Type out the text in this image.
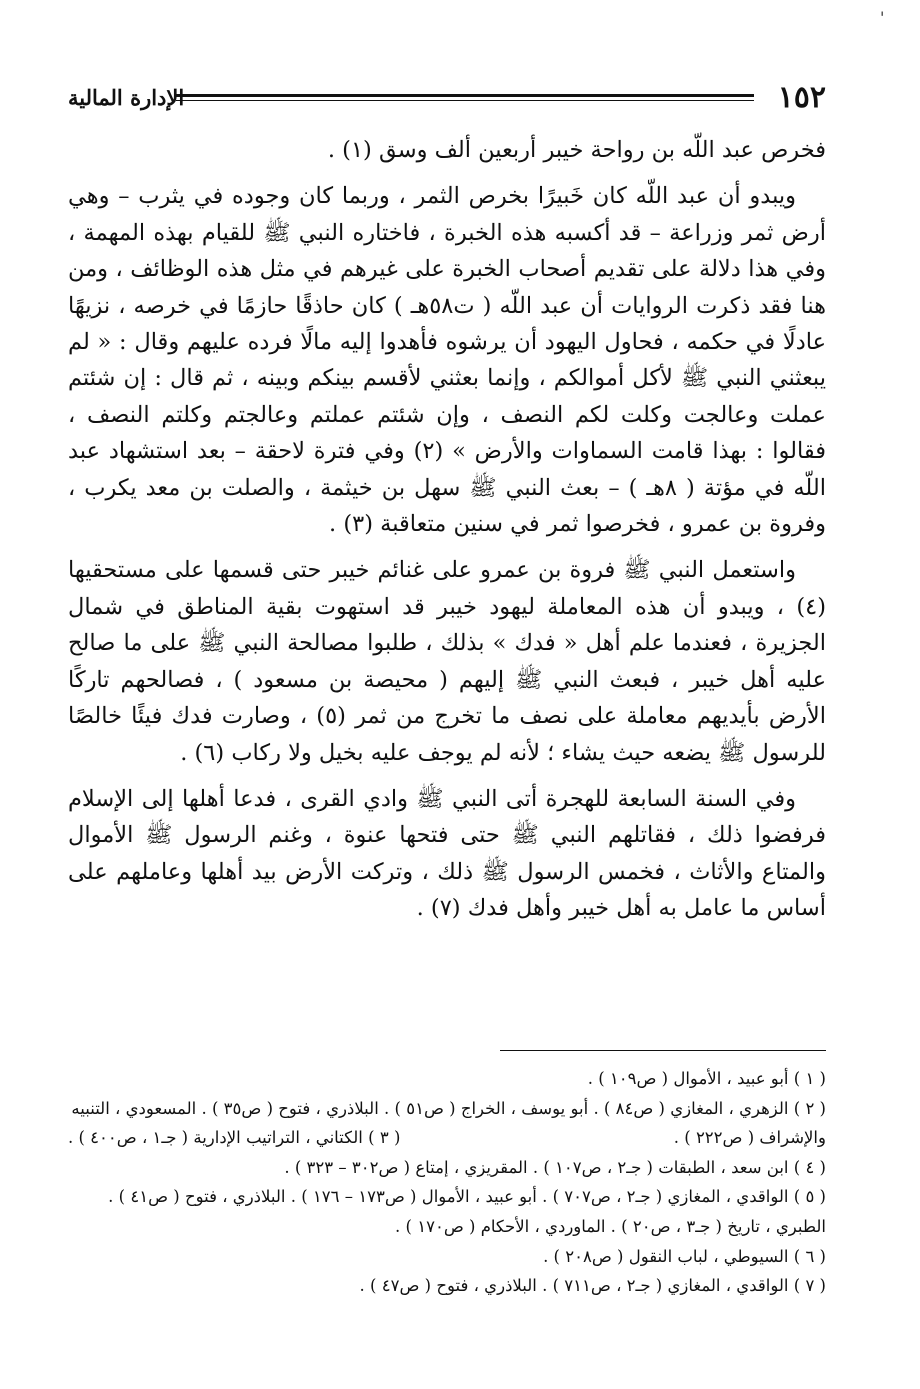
'
١٥٢
الإدارة المالية

فخرص عبد اللّه بن رواحة خيبر أربعين ألف وسق (١) .

ويبدو أن عبد اللّه كان خَبيرًا بخرص الثمر ، وربما كان وجوده في يثرب – وهي أرض ثمر وزراعة – قد أكسبه هذه الخبرة ، فاختاره النبي ﷺ للقيام بهذه المهمة ، وفي هذا دلالة على تقديم أصحاب الخبرة على غيرهم في مثل هذه الوظائف ، ومن هنا فقد ذكرت الروايات أن عبد اللّه ( ت٥٨هـ ) كان حاذقًا حازمًا في خرصه ، نزيهًا عادلًا في حكمه ، فحاول اليهود أن يرشوه فأهدوا إليه مالًا فرده عليهم وقال : « لم يبعثني النبي ﷺ لأكل أموالكم ، وإنما بعثني لأقسم بينكم وبينه ، ثم قال : إن شئتم عملت وعالجت وكلت لكم النصف ، وإن شئتم عملتم وعالجتم وكلتم النصف ، فقالوا : بهذا قامت السماوات والأرض » (٢) وفي فترة لاحقة – بعد استشهاد عبد اللّه في مؤتة ( ٨هـ ) – بعث النبي ﷺ سهل بن خيثمة ، والصلت بن معد يكرب ، وفروة بن عمرو ، فخرصوا ثمر في سنين متعاقبة (٣) .

واستعمل النبي ﷺ فروة بن عمرو على غنائم خيبر حتى قسمها على مستحقيها (٤) ، ويبدو أن هذه المعاملة ليهود خيبر قد استهوت بقية المناطق في شمال الجزيرة ، فعندما علم أهل « فدك » بذلك ، طلبوا مصالحة النبي ﷺ على ما صالح عليه أهل خيبر ، فبعث النبي ﷺ إليهم ( محيصة بن مسعود ) ، فصالحهم تاركًا الأرض بأيديهم معاملة على نصف ما تخرج من ثمر (٥) ، وصارت فدك فيئًا خالصًا للرسول ﷺ يضعه حيث يشاء ؛ لأنه لم يوجف عليه بخيل ولا ركاب (٦) .

وفي السنة السابعة للهجرة أتى النبي ﷺ وادي القرى ، فدعا أهلها إلى الإسلام فرفضوا ذلك ، فقاتلهم النبي ﷺ حتى فتحها عنوة ، وغنم الرسول ﷺ الأموال والمتاع والأثاث ، فخمس الرسول ﷺ ذلك ، وتركت الأرض بيد أهلها وعاملهم على أساس ما عامل به أهل خيبر وأهل فدك (٧) .

( ١ ) أبو عبيد ، الأموال ( ص١٠٩ ) .

( ٢ ) الزهري ، المغازي ( ص٨٤ ) . أبو يوسف ، الخراج ( ص٥١ ) . البلاذري ، فتوح ( ص٣٥ ) . المسعودي ، التنبيه

والإشراف ( ص٢٢٢ ) .
( ٣ ) الكتاني ، التراتيب الإدارية ( جـ١ ، ص٤٠٠ ) .

( ٤ ) ابن سعد ، الطبقات ( جـ٢ ، ص١٠٧ ) . المقريزي ، إمتاع ( ص٣٠٢ – ٣٢٣ ) .

( ٥ ) الواقدي ، المغازي ( جـ٢ ، ص٧٠٧ ) . أبو عبيد ، الأموال ( ص١٧٣ – ١٧٦ ) . البلاذري ، فتوح ( ص٤١ ) .

الطبري ، تاريخ ( جـ٣ ، ص٢٠ ) . الماوردي ، الأحكام ( ص١٧٠ ) .

( ٦ ) السيوطي ، لباب النقول ( ص٢٠٨ ) .

( ٧ ) الواقدي ، المغازي ( جـ٢ ، ص٧١١ ) . البلاذري ، فتوح ( ص٤٧ ) .
